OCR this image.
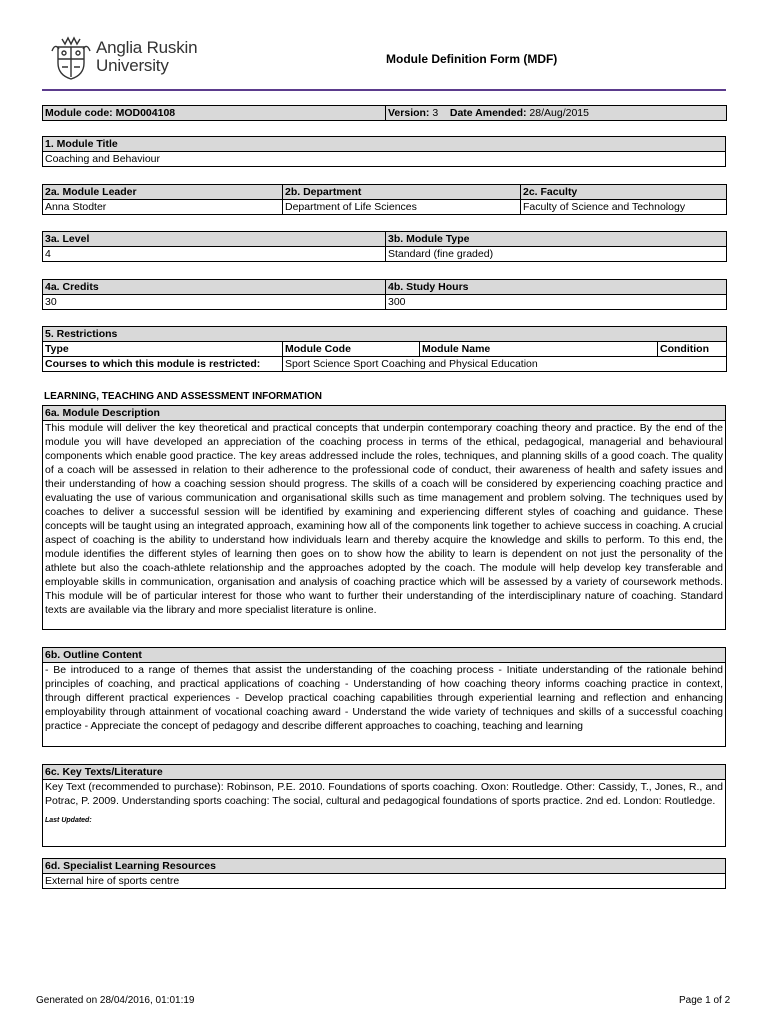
Anglia Ruskin
University	Module Definition Form (MDF)
Module code: MOD004108	Version: 3 Date Amended: 28/Aug/2015
1. Module Title
Coaching and Behaviour
2a. Module Leader	2b. Department	2c. Faculty
Anna Stodter	Department of Life Sciences	Faculty of Science and Technology
3a. Level	3b. Module Type
4	Standard (fine graded)
4a. Credits	4b. Study Hours
30	300
5. Restrictions			
Type	Module Code	Module Name	Condition
Courses to which this module is restricted:	Sport Science Sport Coaching and Physical Education		
LEARNING, TEACHING AND ASSESSMENT INFORMATION
6a. Module Description
This module will deliver the key theoretical and practical concepts that underpin contemporary coaching theory and practice. By the end of the module you will have developed an appreciation of the coaching process in terms of the ethical, pedagogical, managerial and behavioural components which enable good practice. The key areas addressed include the roles, techniques, and planning skills of a good coach. The quality of a coach will be assessed in relation to their adherence to the professional code of conduct, their awareness of health and safety issues and their understanding of how a coaching session should progress. The skills of a coach will be considered by experiencing coaching practice and evaluating the use of various communication and organisational skills such as time management and problem solving. The techniques used by coaches to deliver a successful session will be identified by examining and experiencing different styles of coaching and guidance. These concepts will be taught using an integrated approach, examining how all of the components link together to achieve success in coaching. A crucial aspect of coaching is the ability to understand how individuals learn and thereby acquire the knowledge and skills to perform. To this end, the module identifies the different styles of learning then goes on to show how the ability to learn is dependent on not just the personality of the athlete but also the coach-athlete relationship and the approaches adopted by the coach. The module will help develop key transferable and employable skills in communication, organisation and analysis of coaching practice which will be assessed by a variety of coursework methods. This module will be of particular interest for those who want to further their understanding of the interdisciplinary nature of coaching. Standard texts are available via the library and more specialist literature is online.
6b. Outline Content
- Be introduced to a range of themes that assist the understanding of the coaching process - Initiate understanding of the rationale behind principles of coaching, and practical applications of coaching - Understanding of how coaching theory informs coaching practice in context, through different practical experiences - Develop practical coaching capabilities through experiential learning and reflection and enhancing employability through attainment of vocational coaching award - Understand the wide variety of techniques and skills of a successful coaching practice - Appreciate the concept of pedagogy and describe different approaches to coaching, teaching and learning
6c. Key Texts/Literature

Key Text (recommended to purchase): Robinson, P.E. 2010. Foundations of sports coaching. Oxon: Routledge. Other: Cassidy, T., Jones, R., and Potrac, P. 2009. Understanding sports coaching: The social, cultural and pedagogical foundations of sports practice. 2nd ed. London: Routledge.
Last Updated:
6d. Specialist Learning Resources
External hire of sports centre
Generated on 28/04/2016, 01:01:19	Page 1 of 2
